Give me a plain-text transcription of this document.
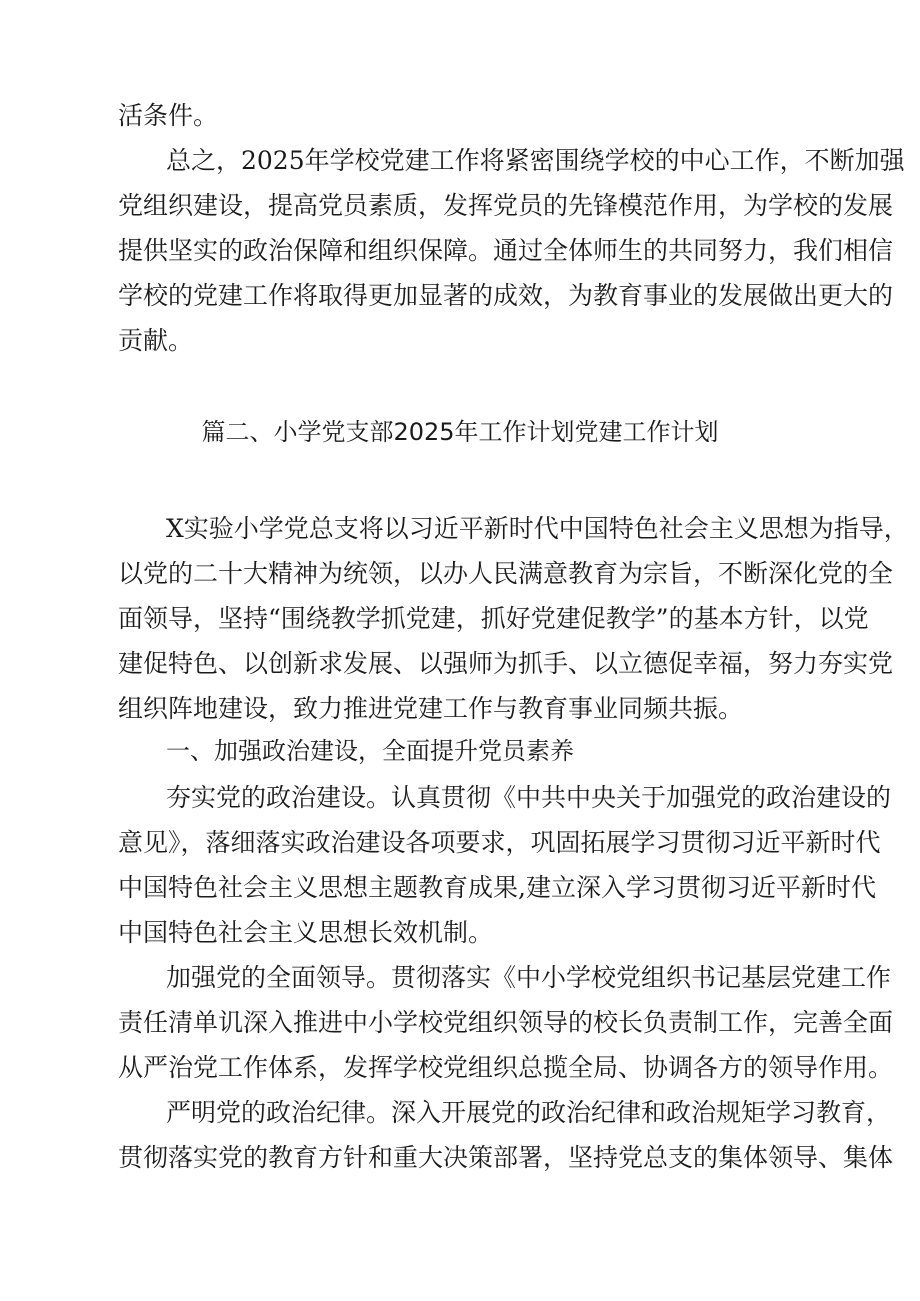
活条件。
总之，2025年学校党建工作将紧密围绕学校的中心工作，不断加强
党组织建设，提高党员素质，发挥党员的先锋模范作用，为学校的发展
提供坚实的政治保障和组织保障。通过全体师生的共同努力，我们相信
学校的党建工作将取得更加显著的成效，为教育事业的发展做出更大的
贡献。
篇二、小学党支部2025年工作计划党建工作计划
X实验小学党总支将以习近平新时代中国特色社会主义思想为指导，
以党的二十大精神为统领，以办人民满意教育为宗旨，不断深化党的全
面领导，坚持“围绕教学抓党建，抓好党建促教学”的基本方针，以党
建促特色、以创新求发展、以强师为抓手、以立德促幸福，努力夯实党
组织阵地建设，致力推进党建工作与教育事业同频共振。
一、加强政治建设，全面提升党员素养
夯实党的政治建设。认真贯彻《中共中央关于加强党的政治建设的
意见》，落细落实政治建设各项要求，巩固拓展学习贯彻习近平新时代
中国特色社会主义思想主题教育成果,建立深入学习贯彻习近平新时代
中国特色社会主义思想长效机制。
加强党的全面领导。贯彻落实《中小学校党组织书记基层党建工作
责任清单讥深入推进中小学校党组织领导的校长负责制工作，完善全面
从严治党工作体系，发挥学校党组织总揽全局、协调各方的领导作用。
严明党的政治纪律。深入开展党的政治纪律和政治规矩学习教育，
贯彻落实党的教育方针和重大决策部署，坚持党总支的集体领导、集体
